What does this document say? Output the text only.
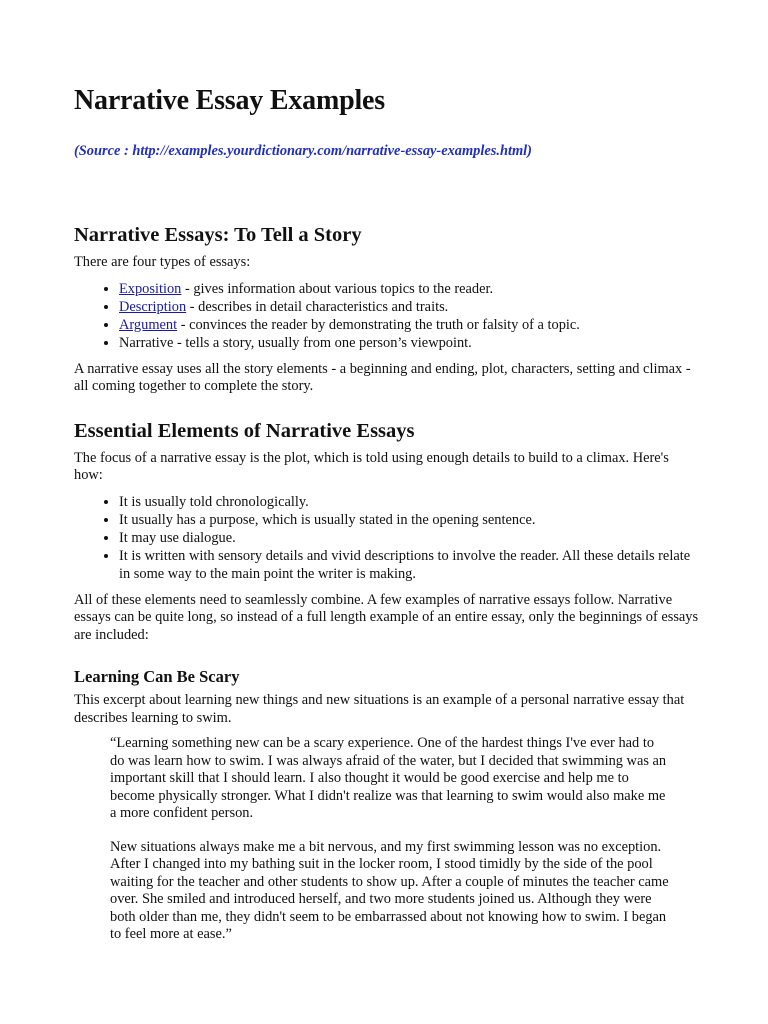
Narrative Essay Examples

(Source : http://examples.yourdictionary.com/narrative-essay-examples.html)

Narrative Essays: To Tell a Story

There are four types of essays:

• Exposition - gives information about various topics to the reader.
• Description - describes in detail characteristics and traits.
• Argument - convinces the reader by demonstrating the truth or falsity of a topic.
• Narrative - tells a story, usually from one person’s viewpoint.

A narrative essay uses all the story elements - a beginning and ending, plot, characters, setting and climax - all coming together to complete the story.

Essential Elements of Narrative Essays

The focus of a narrative essay is the plot, which is told using enough details to build to a climax. Here's how:

• It is usually told chronologically.
• It usually has a purpose, which is usually stated in the opening sentence.
• It may use dialogue.
• It is written with sensory details and vivid descriptions to involve the reader. All these details relate in some way to the main point the writer is making.

All of these elements need to seamlessly combine. A few examples of narrative essays follow. Narrative essays can be quite long, so instead of a full length example of an entire essay, only the beginnings of essays are included:

Learning Can Be Scary

This excerpt about learning new things and new situations is an example of a personal narrative essay that describes learning to swim.

“Learning something new can be a scary experience. One of the hardest things I've ever had to do was learn how to swim. I was always afraid of the water, but I decided that swimming was an important skill that I should learn. I also thought it would be good exercise and help me to become physically stronger. What I didn't realize was that learning to swim would also make me a more confident person.

New situations always make me a bit nervous, and my first swimming lesson was no exception. After I changed into my bathing suit in the locker room, I stood timidly by the side of the pool waiting for the teacher and other students to show up. After a couple of minutes the teacher came over. She smiled and introduced herself, and two more students joined us. Although they were both older than me, they didn't seem to be embarrassed about not knowing how to swim. I began to feel more at ease.”
